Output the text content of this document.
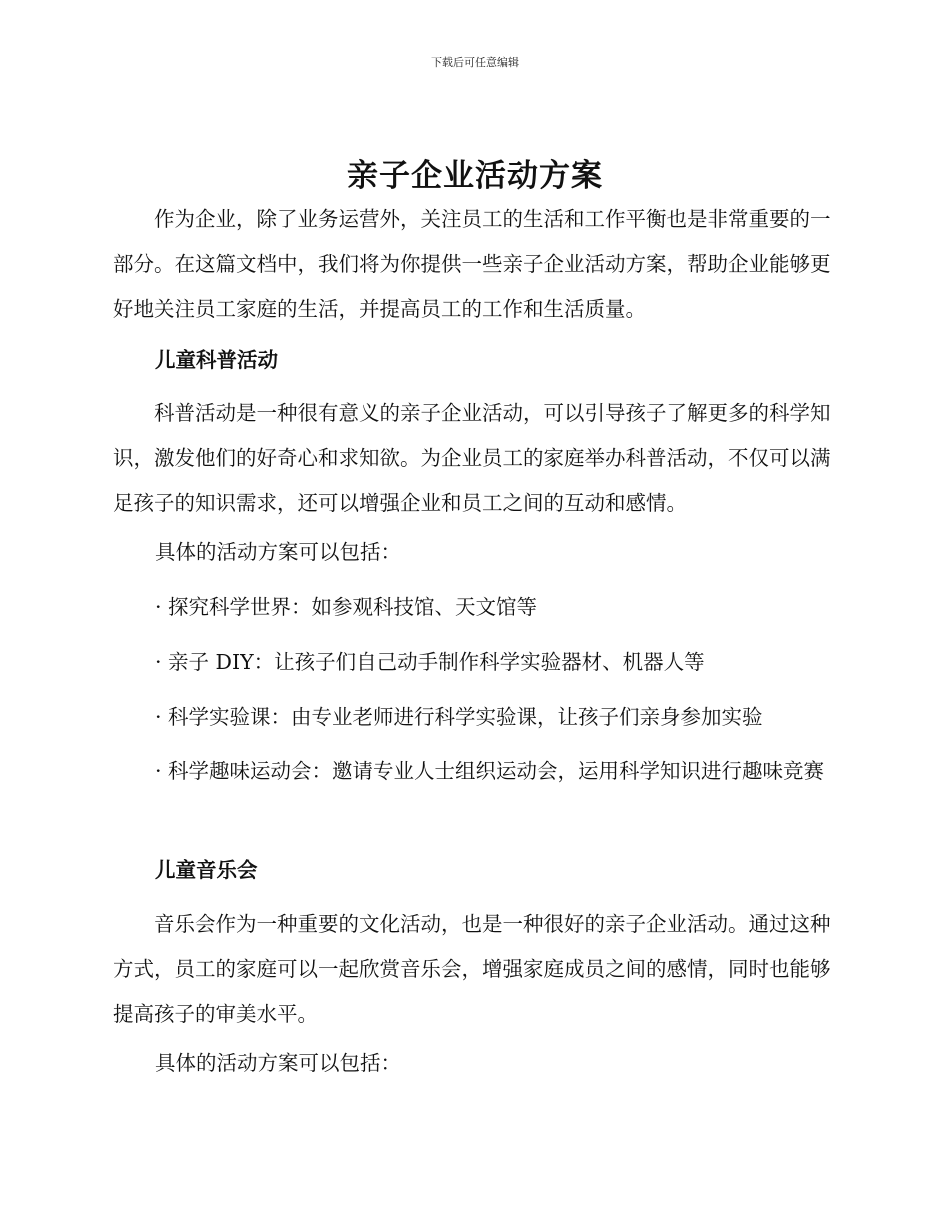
下载后可任意编辑
亲子企业活动方案

作为企业，除了业务运营外，关注员工的生活和工作平衡也是非常重要的一部分。在这篇文档中，我们将为你提供一些亲子企业活动方案，帮助企业能够更好地关注员工家庭的生活，并提高员工的工作和生活质量。

儿童科普活动

科普活动是一种很有意义的亲子企业活动，可以引导孩子了解更多的科学知识，激发他们的好奇心和求知欲。为企业员工的家庭举办科普活动，不仅可以满足孩子的知识需求，还可以增强企业和员工之间的互动和感情。

具体的活动方案可以包括：

· 探究科学世界：如参观科技馆、天文馆等

· 亲子 DIY：让孩子们自己动手制作科学实验器材、机器人等

· 科学实验课：由专业老师进行科学实验课，让孩子们亲身参加实验

· 科学趣味运动会：邀请专业人士组织运动会，运用科学知识进行趣味竞赛

儿童音乐会

音乐会作为一种重要的文化活动，也是一种很好的亲子企业活动。通过这种方式，员工的家庭可以一起欣赏音乐会，增强家庭成员之间的感情，同时也能够提高孩子的审美水平。

具体的活动方案可以包括：
